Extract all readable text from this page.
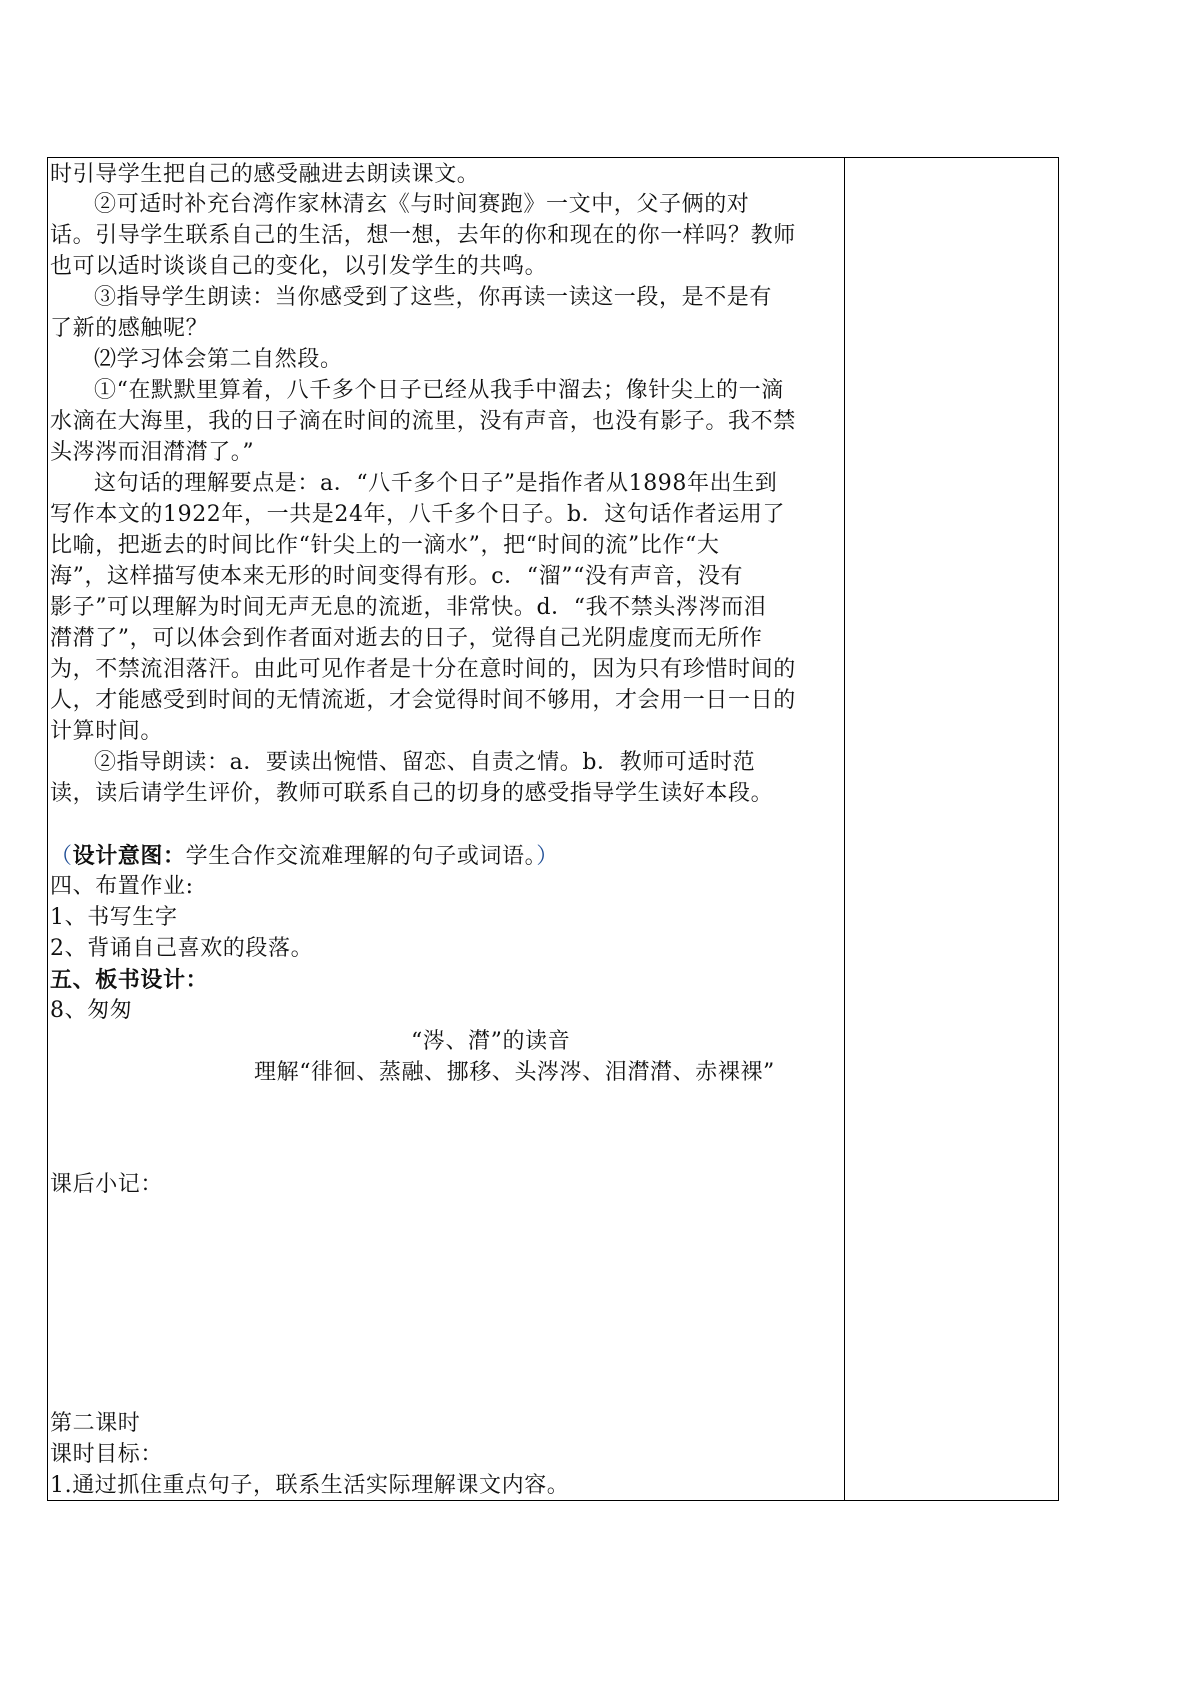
时引导学生把自己的感受融进去朗读课文。
②可适时补充台湾作家林清玄《与时间赛跑》一文中，父子俩的对
话。引导学生联系自己的生活，想一想，去年的你和现在的你一样吗？教师
也可以适时谈谈自己的变化，以引发学生的共鸣。
③指导学生朗读：当你感受到了这些，你再读一读这一段，是不是有
了新的感触呢？
⑵学习体会第二自然段。
①“在默默里算着，八千多个日子已经从我手中溜去；像针尖上的一滴
水滴在大海里，我的日子滴在时间的流里，没有声音，也没有影子。我不禁
头涔涔而泪潸潸了。”
这句话的理解要点是：a．“八千多个日子”是指作者从1898年出生到
写作本文的1922年，一共是24年，八千多个日子。b．这句话作者运用了
比喻，把逝去的时间比作“针尖上的一滴水”，把“时间的流”比作“大
海”，这样描写使本来无形的时间变得有形。c．“溜”“没有声音，没有
影子”可以理解为时间无声无息的流逝，非常快。d．“我不禁头涔涔而泪
潸潸了”，可以体会到作者面对逝去的日子，觉得自己光阴虚度而无所作
为，不禁流泪落汗。由此可见作者是十分在意时间的，因为只有珍惜时间的
人，才能感受到时间的无情流逝，才会觉得时间不够用，才会用一日一日的
计算时间。
②指导朗读：a．要读出惋惜、留恋、自责之情。b．教师可适时范
读，读后请学生评价，教师可联系自己的切身的感受指导学生读好本段。
（设计意图：学生合作交流难理解的句子或词语。）
四、布置作业:
1、书写生字
2、背诵自己喜欢的段落。
五、板书设计：
8、匆匆
“涔、潸”的读音
理解“徘徊、蒸融、挪移、头涔涔、泪潸潸、赤裸裸”
课后小记：
第二课时
课时目标：
1.通过抓住重点句子，联系生活实际理解课文内容。
